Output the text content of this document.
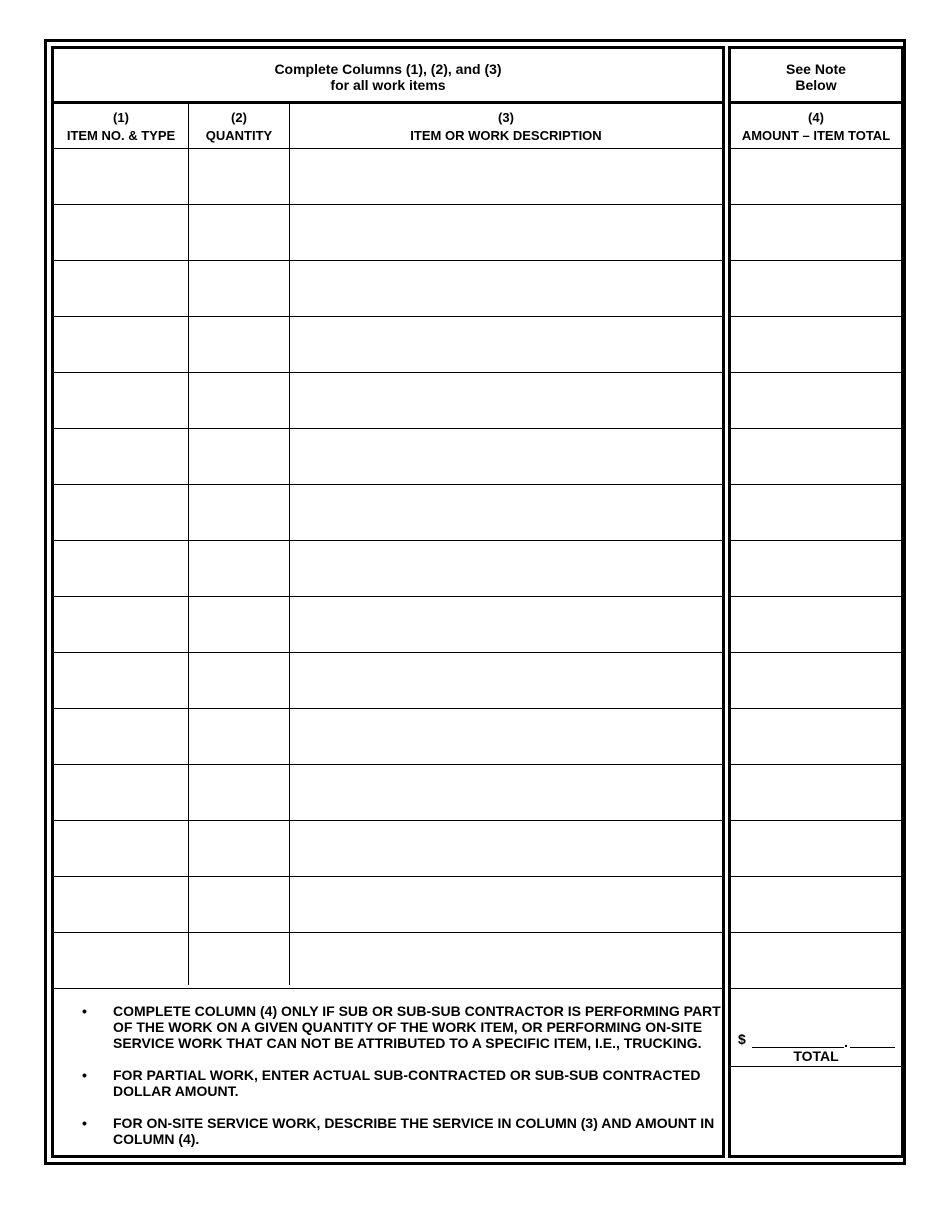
Complete Columns (1), (2), and (3)
for all work items
(1)
ITEM NO. & TYPE
(2)
QUANTITY
(3)
ITEM OR WORK DESCRIPTION
• COMPLETE COLUMN (4) ONLY IF SUB OR SUB-SUB CONTRACTOR IS PERFORMING PART OF THE WORK ON A GIVEN QUANTITY OF THE WORK ITEM, OR PERFORMING ON-SITE SERVICE WORK THAT CAN NOT BE ATTRIBUTED TO A SPECIFIC ITEM, I.E., TRUCKING.
• FOR PARTIAL WORK, ENTER ACTUAL SUB-CONTRACTED OR SUB-SUB CONTRACTED DOLLAR AMOUNT.
• FOR ON-SITE SERVICE WORK, DESCRIBE THE SERVICE IN COLUMN (3) AND AMOUNT IN COLUMN (4).
See Note
Below
(4)
AMOUNT – ITEM TOTAL
$	.
TOTAL
